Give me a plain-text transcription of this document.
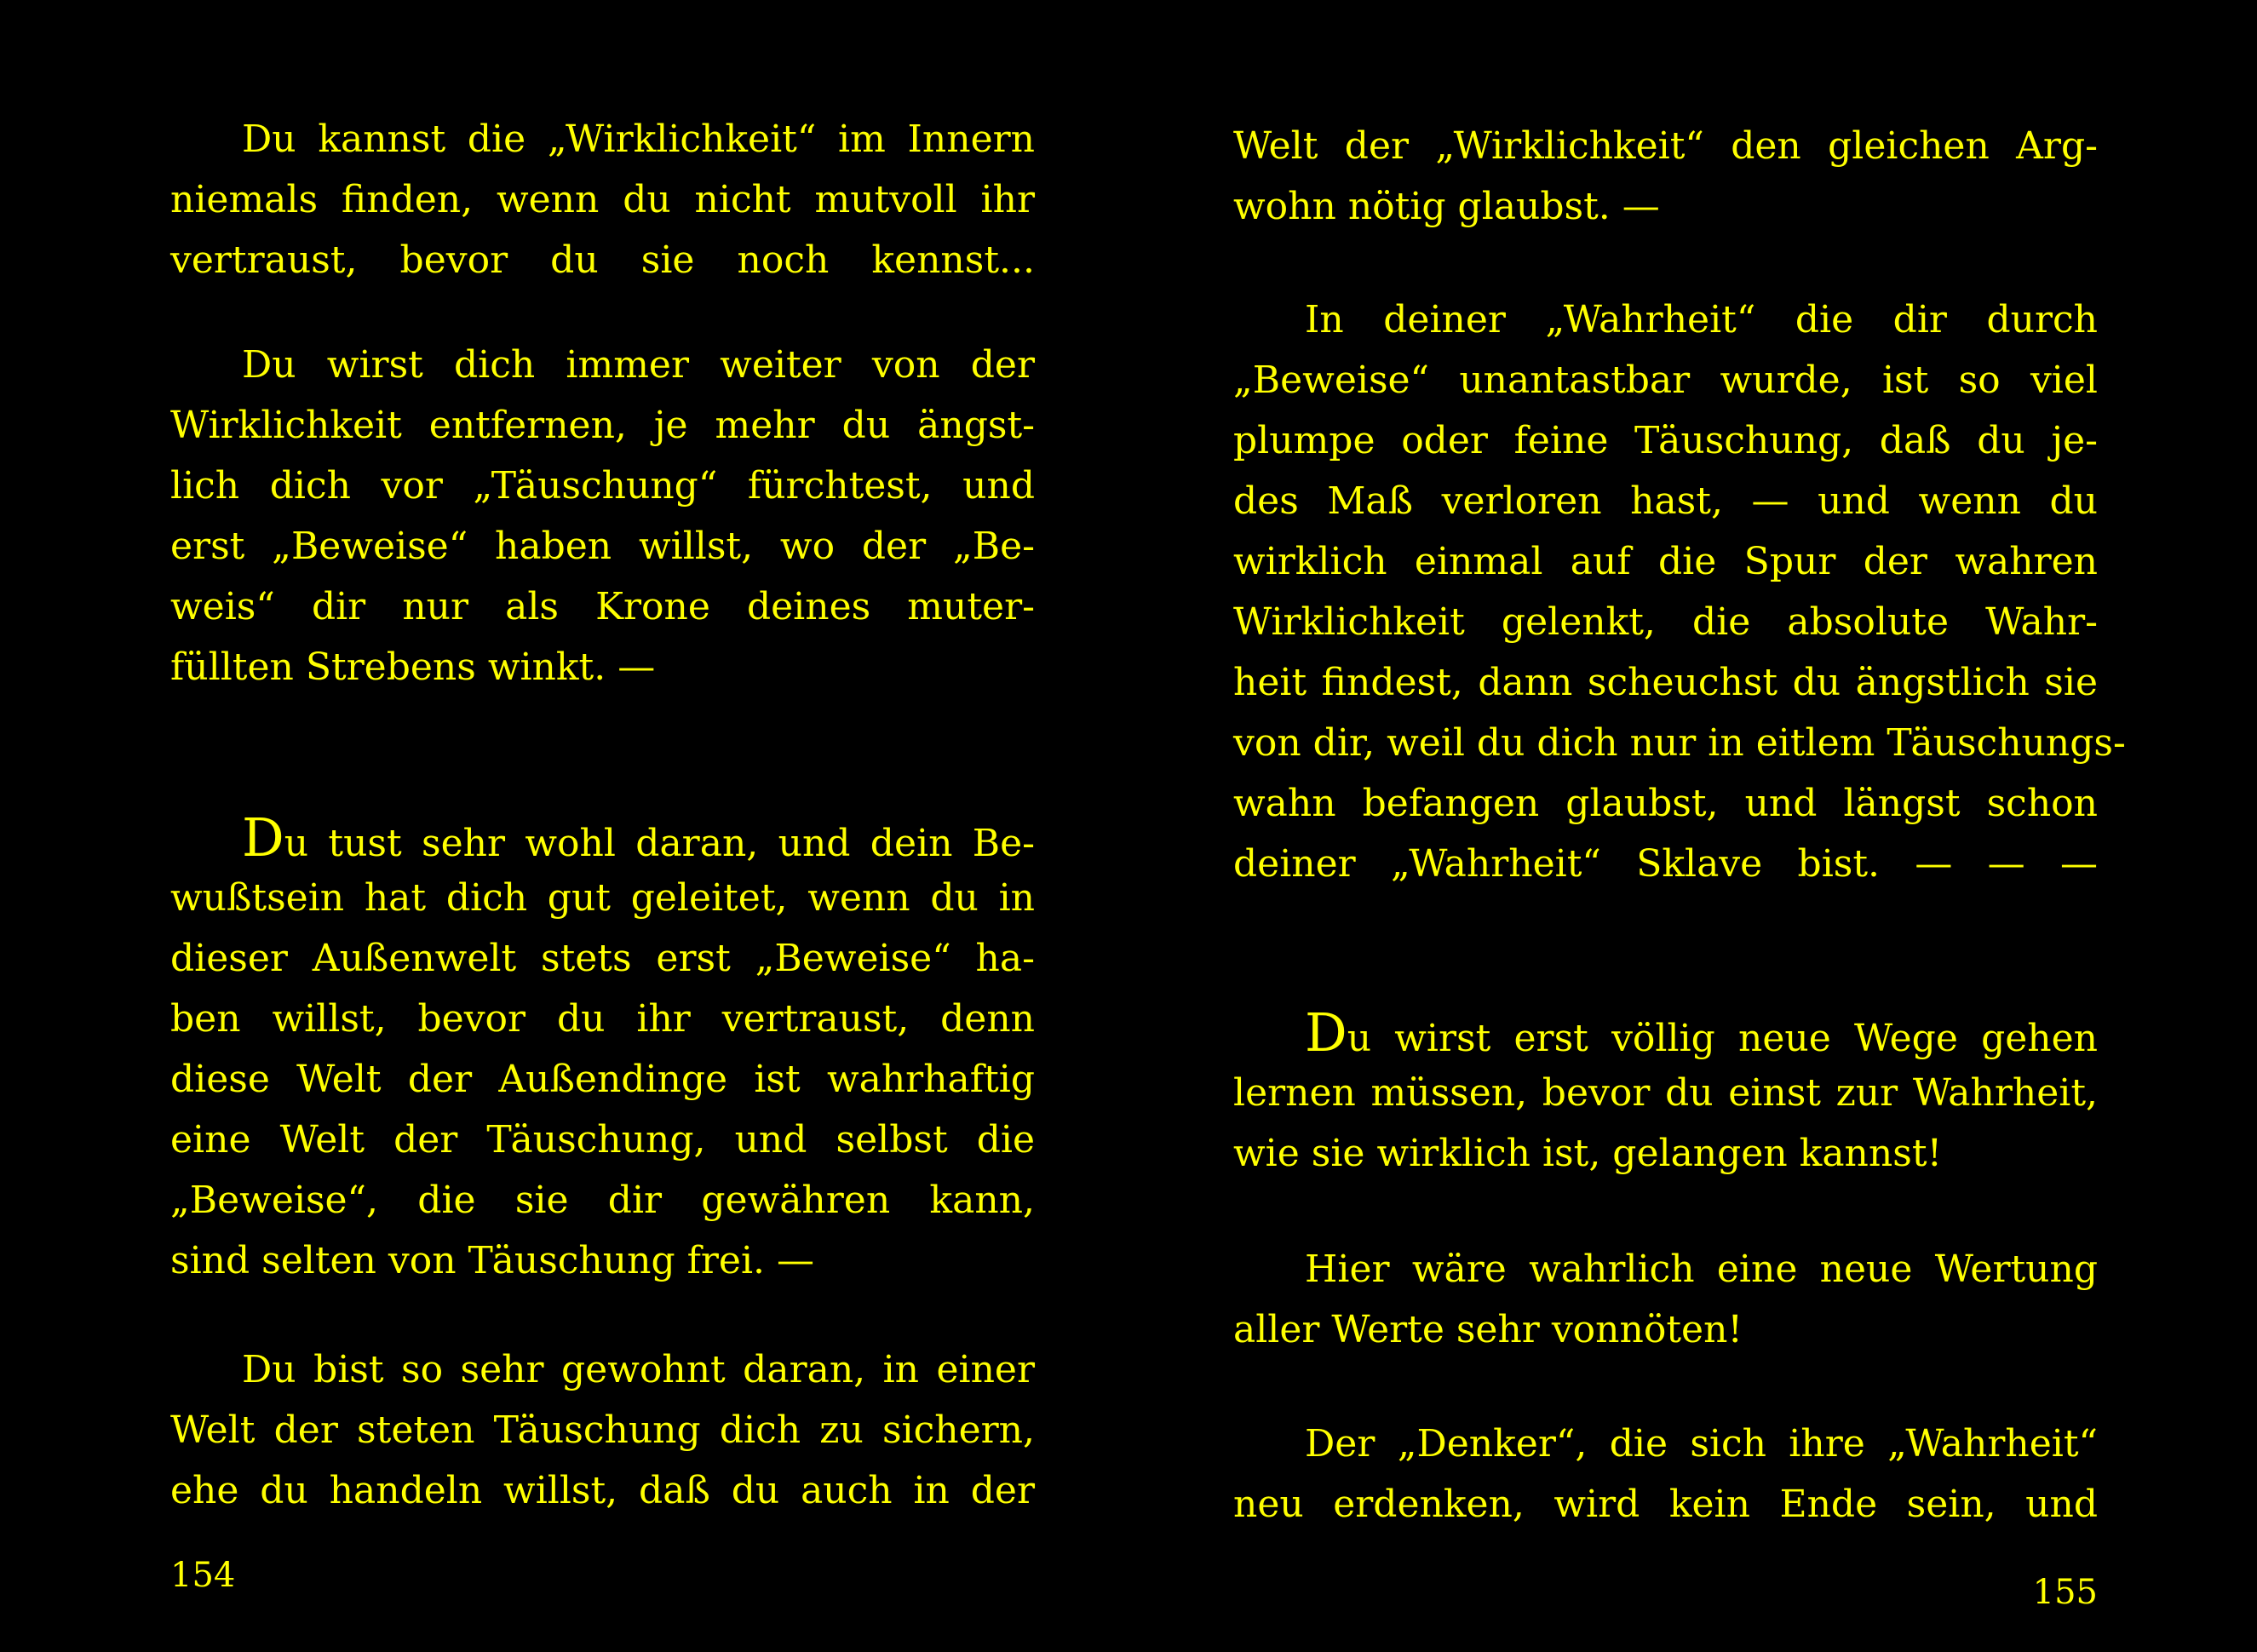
Du kannst die „Wirklichkeit“ im Innern
niemals finden, wenn du nicht mutvoll ihr
vertraust, bevor du sie noch kennst...
Du wirst dich immer weiter von der
Wirklichkeit entfernen, je mehr du ängst-
lich dich vor „Täuschung“ fürchtest, und
erst „Beweise“ haben willst, wo der „Be-
weis“ dir nur als Krone deines muter-
füllten Strebens winkt. —
Du tust sehr wohl daran, und dein Be-
wußtsein hat dich gut geleitet, wenn du in
dieser Außenwelt stets erst „Beweise“ ha-
ben willst, bevor du ihr vertraust, denn
diese Welt der Außendinge ist wahrhaftig
eine Welt der Täuschung, und selbst die
„Beweise“, die sie dir gewähren kann,
sind selten von Täuschung frei. —
Du bist so sehr gewohnt daran, in einer
Welt der steten Täuschung dich zu sichern,
ehe du handeln willst, daß du auch in der
154
Welt der „Wirklichkeit“ den gleichen Arg-
wohn nötig glaubst. —
In deiner „Wahrheit“ die dir durch
„Beweise“ unantastbar wurde, ist so viel
plumpe oder feine Täuschung, daß du je-
des Maß verloren hast, — und wenn du
wirklich einmal auf die Spur der wahren
Wirklichkeit gelenkt, die absolute Wahr-
heit findest, dann scheuchst du ängstlich sie
von dir, weil du dich nur in eitlem Täuschungs-
wahn befangen glaubst, und längst schon
deiner „Wahrheit“ Sklave bist. — — —
Du wirst erst völlig neue Wege gehen
lernen müssen, bevor du einst zur Wahrheit,
wie sie wirklich ist, gelangen kannst!
Hier wäre wahrlich eine neue Wertung
aller Werte sehr vonnöten!
Der „Denker“, die sich ihre „Wahrheit“
neu erdenken, wird kein Ende sein, und
155
